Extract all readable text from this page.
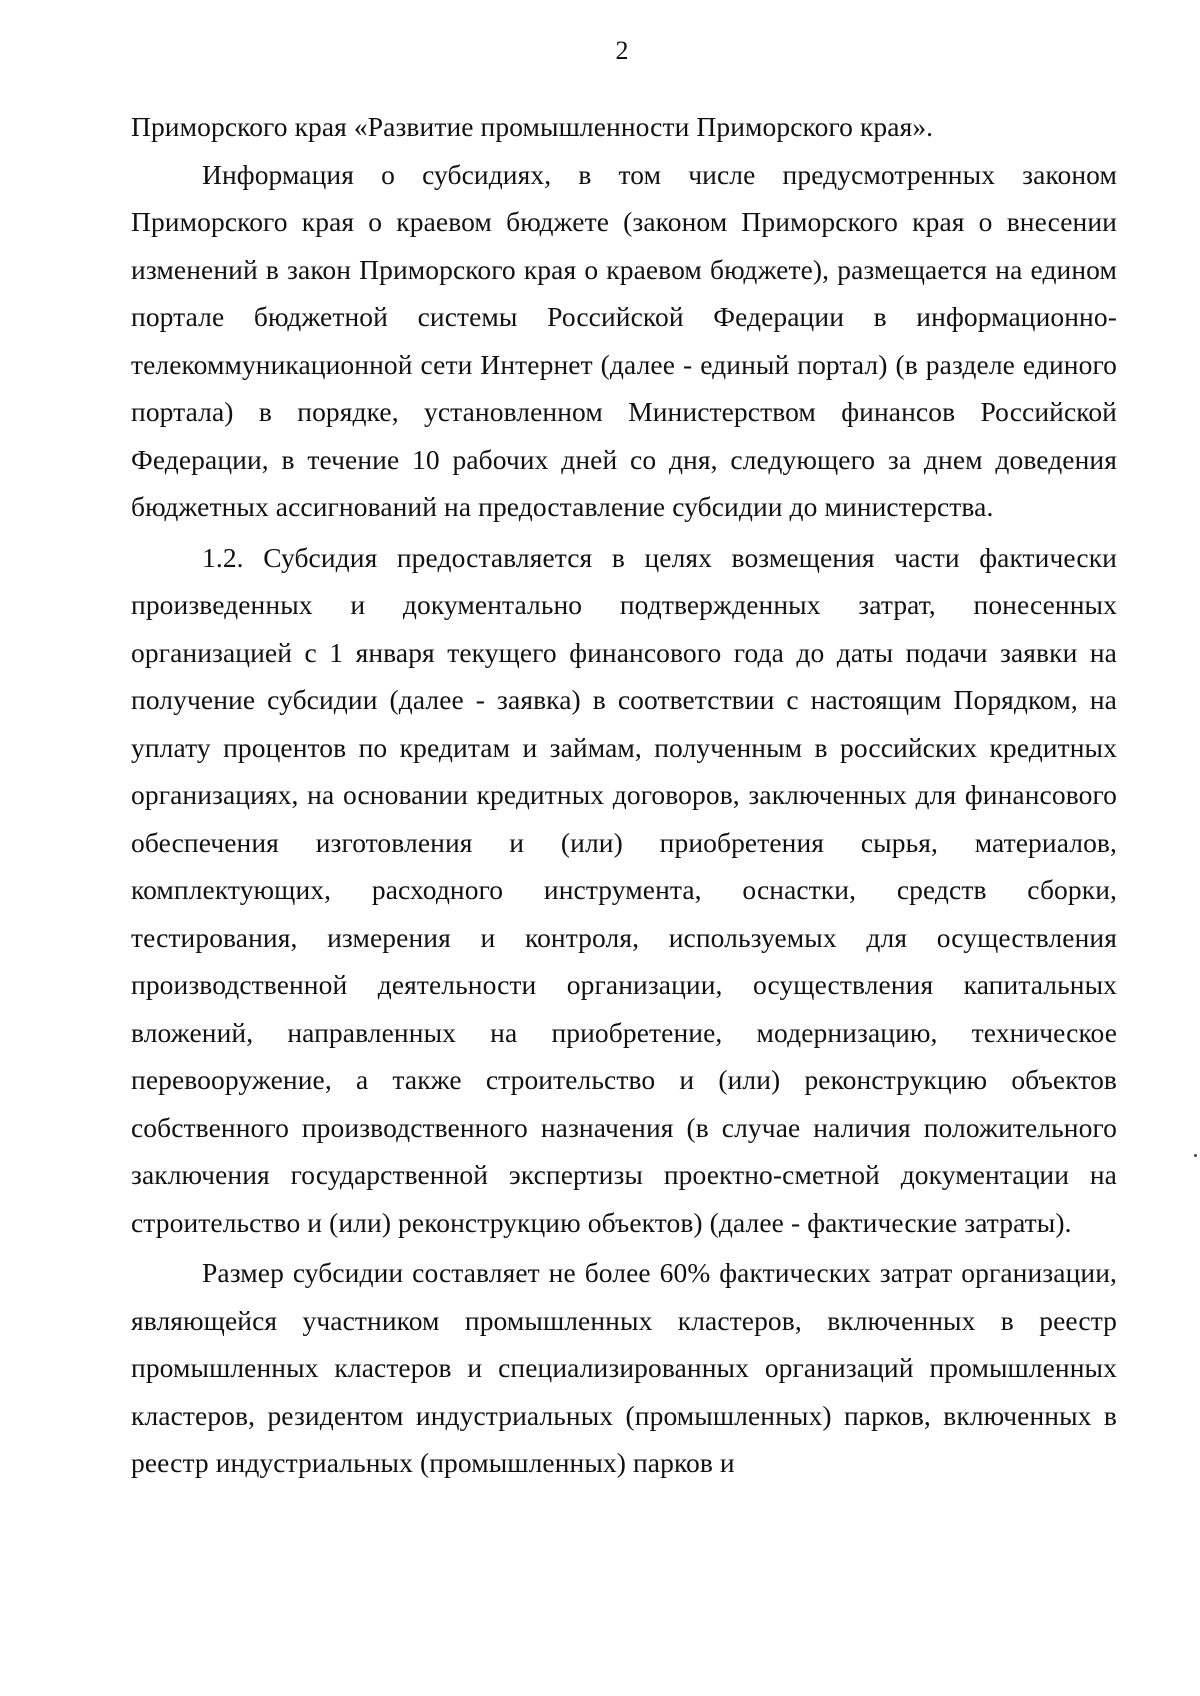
2

Приморского края «Развитие промышленности Приморского края».

Информация о субсидиях, в том числе предусмотренных законом Приморского края о краевом бюджете (законом Приморского края о внесении изменений в закон Приморского края о краевом бюджете), размещается на едином портале бюджетной системы Российской Федерации в информационно-телекоммуникационной сети Интернет (далее - единый портал) (в разделе единого портала) в порядке, установленном Министерством финансов Российской Федерации, в течение 10 рабочих дней со дня, следующего за днем доведения бюджетных ассигнований на предоставление субсидии до министерства.

1.2. Субсидия предоставляется в целях возмещения части фактически произведенных и документально подтвержденных затрат, понесенных организацией с 1 января текущего финансового года до даты подачи заявки на получение субсидии (далее - заявка) в соответствии с настоящим Порядком, на уплату процентов по кредитам и займам, полученным в российских кредитных организациях, на основании кредитных договоров, заключенных для финансового обеспечения изготовления и (или) приобретения сырья, материалов, комплектующих, расходного инструмента, оснастки, средств сборки, тестирования, измерения и контроля, используемых для осуществления производственной деятельности организации, осуществления капитальных вложений, направленных на приобретение, модернизацию, техническое перевооружение, а также строительство и (или) реконструкцию объектов собственного производственного назначения (в случае наличия положительного заключения государственной экспертизы проектно-сметной документации на строительство и (или) реконструкцию объектов) (далее - фактические затраты).

Размер субсидии составляет не более 60% фактических затрат организации, являющейся участником промышленных кластеров, включенных в реестр промышленных кластеров и специализированных организаций промышленных кластеров, резидентом индустриальных (промышленных) парков, включенных в реестр индустриальных (промышленных) парков и
